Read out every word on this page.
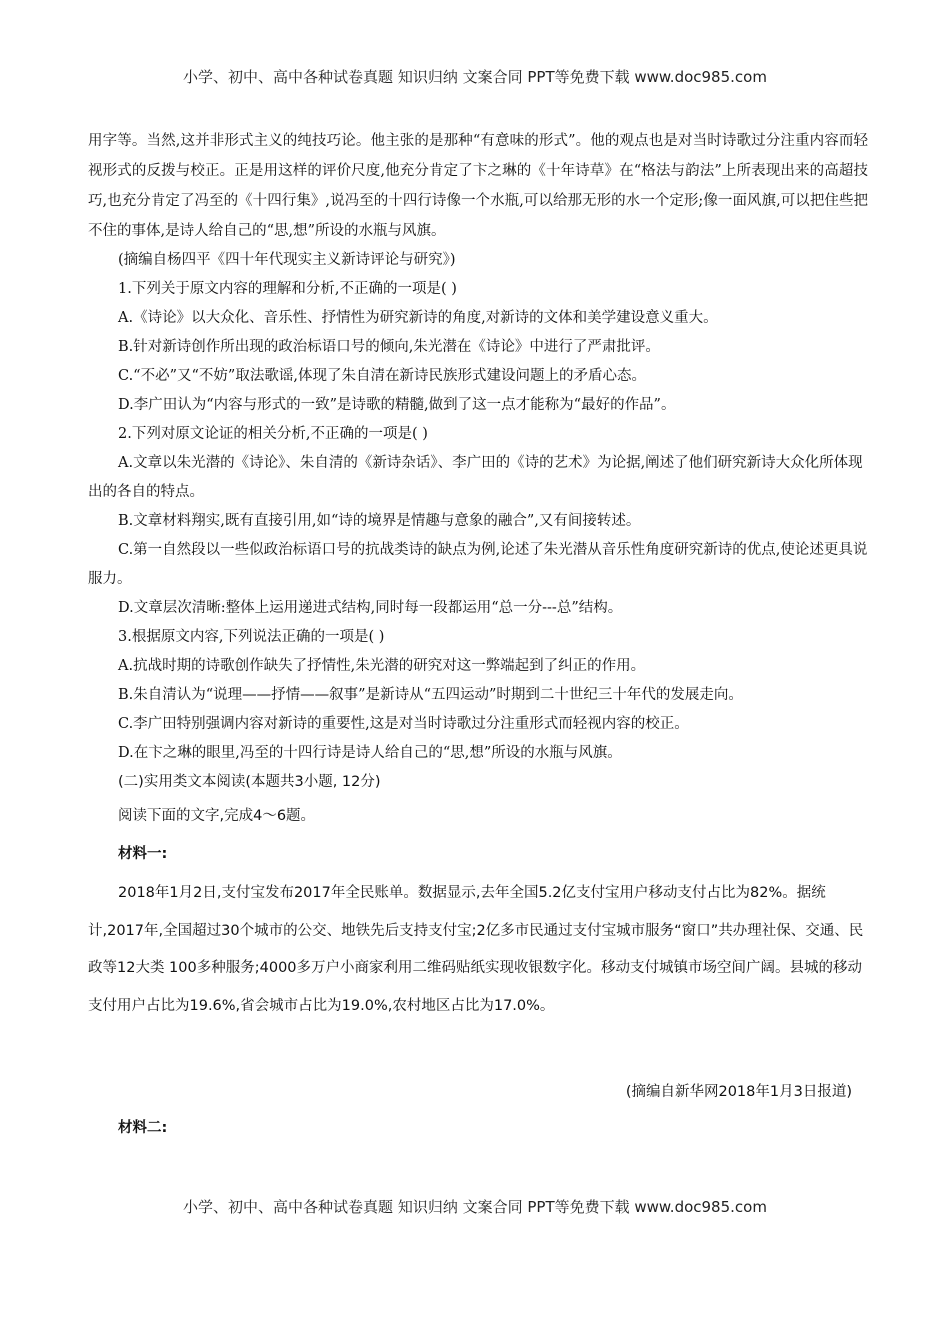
小学、初中、高中各种试卷真题 知识归纳 文案合同 PPT等免费下载 www.doc985.com

用字等。当然,这并非形式主义的纯技巧论。他主张的是那种“有意味的形式”。他的观点也是对当时诗歌过分注重内容而轻视形式的反拨与校正。正是用这样的评价尺度,他充分肯定了卞之琳的《十年诗草》在“格法与韵法”上所表现出来的高超技巧,也充分肯定了冯至的《十四行集》,说冯至的十四行诗像一个水瓶,可以给那无形的水一个定形;像一面风旗,可以把住些把不住的事体,是诗人给自己的“思,想”所设的水瓶与风旗。

(摘编自杨四平《四十年代现实主义新诗评论与研究》)

1.下列关于原文内容的理解和分析,不正确的一项是( )

A.《诗论》以大众化、音乐性、抒情性为研究新诗的角度,对新诗的文体和美学建设意义重大。

B.针对新诗创作所出现的政治标语口号的倾向,朱光潜在《诗论》中进行了严肃批评。

C.“不必”又“不妨”取法歌谣,体现了朱自清在新诗民族形式建设问题上的矛盾心态。

D.李广田认为“内容与形式的一致”是诗歌的精髓,做到了这一点才能称为“最好的作品”。

2.下列对原文论证的相关分析,不正确的一项是( )

A.文章以朱光潜的《诗论》、朱自清的《新诗杂话》、李广田的《诗的艺术》为论据,阐述了他们研究新诗大众化所体现出的各自的特点。

B.文章材料翔实,既有直接引用,如“诗的境界是情趣与意象的融合”,又有间接转述。

C.第一自然段以一些似政治标语口号的抗战类诗的缺点为例,论述了朱光潜从音乐性角度研究新诗的优点,使论述更具说服力。

D.文章层次清晰:整体上运用递进式结构,同时每一段都运用“总一分---总”结构。

3.根据原文内容,下列说法正确的一项是( )

A.抗战时期的诗歌创作缺失了抒情性,朱光潜的研究对这一弊端起到了纠正的作用。

B.朱自清认为“说理——抒情——叙事”是新诗从“五四运动”时期到二十世纪三十年代的发展走向。

C.李广田特别强调内容对新诗的重要性,这是对当时诗歌过分注重形式而轻视内容的校正。

D.在卞之琳的眼里,冯至的十四行诗是诗人给自己的“思,想”所设的水瓶与风旗。

(二)实用类文本阅读(本题共3小题, 12分)

阅读下面的文字,完成4～6题。

材料一:

2018年1月2日,支付宝发布2017年全民账单。数据显示,去年全国5.2亿支付宝用户移动支付占比为82%。据统计,2017年,全国超过30个城市的公交、地铁先后支持支付宝;2亿多市民通过支付宝城市服务“窗口”共办理社保、交通、民政等12大类 100多种服务;4000多万户小商家利用二维码贴纸实现收银数字化。移动支付城镇市场空间广阔。县城的移动支付用户占比为19.6%,省会城市占比为19.0%,农村地区占比为17.0%。

(摘编自新华网2018年1月3日报道)

材料二:

小学、初中、高中各种试卷真题 知识归纳 文案合同 PPT等免费下载 www.doc985.com
